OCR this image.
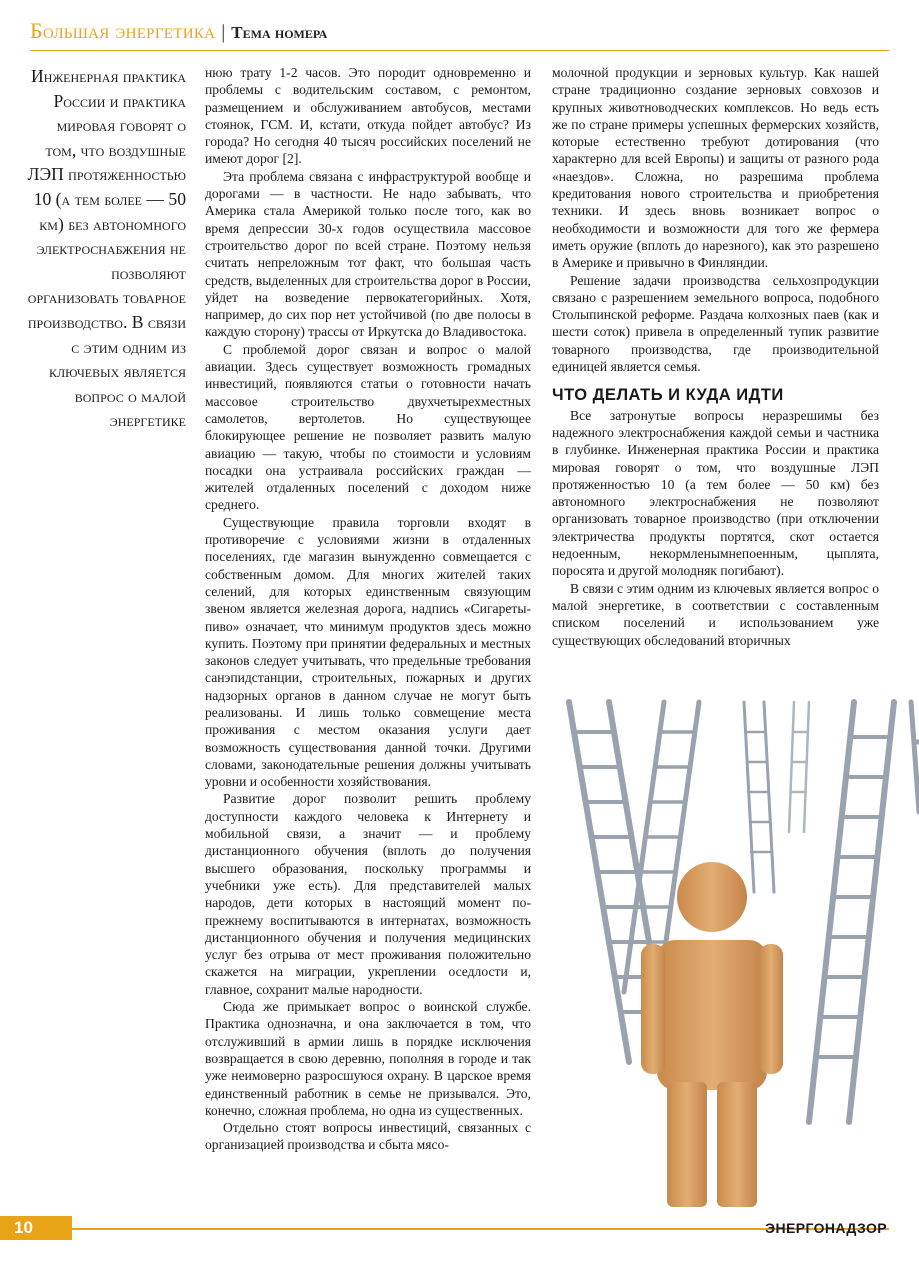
Большая энергетика | Тема номера
Инженерная практика России и практика мировая говорят о том, что воздушные ЛЭП протяженностью 10 (а тем более — 50 км) без автономного электроснабжения не позволяют организовать товарное производство. В связи с этим одним из ключевых является вопрос о малой энергетике

нюю трату 1-2 часов. Это породит одновременно и проблемы с водительским составом, с ремонтом, размещением и обслуживанием автобусов, местами стоянок, ГСМ. И, кстати, откуда пойдет автобус? Из города? Но сегодня 40 тысяч российских поселений не имеют дорог [2].

Эта проблема связана с инфраструктурой вообще и дорогами — в частности. Не надо забывать, что Америка стала Америкой только после того, как во время депрессии 30-х годов осуществила массовое строительство дорог по всей стране. Поэтому нельзя считать непреложным тот факт, что большая часть средств, выделенных для строительства дорог в России, уйдет на возведение первокатегорийных. Хотя, например, до сих пор нет устойчивой (по две полосы в каждую сторону) трассы от Иркутска до Владивостока.

С проблемой дорог связан и вопрос о малой авиации. Здесь существует возможность громадных инвестиций, появляются статьи о готовности начать массовое строительство двухчетырехместных самолетов, вертолетов. Но существующее блокирующее решение не позволяет развить малую авиацию — такую, чтобы по стоимости и условиям посадки она устраивала российских граждан — жителей отдаленных поселений с доходом ниже среднего.

Существующие правила торговли входят в противоречие с условиями жизни в отдаленных поселениях, где магазин вынужденно совмещается с собственным домом. Для многих жителей таких селений, для которых единственным связующим звеном является железная дорога, надпись «Сигареты-пиво» означает, что минимум продуктов здесь можно купить. Поэтому при принятии федеральных и местных законов следует учитывать, что предельные требования санэпидстанции, строительных, пожарных и других надзорных органов в данном случае не могут быть реализованы. И лишь только совмещение места проживания с местом оказания услуги дает возможность существования данной точки. Другими словами, законодательные решения должны учитывать уровни и особенности хозяйствования.

Развитие дорог позволит решить проблему доступности каждого человека к Интернету и мобильной связи, а значит — и проблему дистанционного обучения (вплоть до получения высшего образования, поскольку программы и учебники уже есть). Для представителей малых народов, дети которых в настоящий момент по-прежнему воспитываются в интернатах, возможность дистанционного обучения и получения медицинских услуг без отрыва от мест проживания положительно скажется на миграции, укреплении оседлости и, главное, сохранит малые народности.

Сюда же примыкает вопрос о воинской службе. Практика однозначна, и она заключается в том, что отслуживший в армии лишь в порядке исключения возвращается в свою деревню, пополняя в городе и так уже неимоверно разросшуюся охрану. В царское время единственный работник в семье не призывался. Это, конечно, сложная проблема, но одна из существенных.

Отдельно стоят вопросы инвестиций, связанных с организацией производства и сбыта мясо-

молочной продукции и зерновых культур. Как нашей стране традиционно создание зерновых совхозов и крупных животноводческих комплексов. Но ведь есть же по стране примеры успешных фермерских хозяйств, которые естественно требуют дотирования (что характерно для всей Европы) и защиты от разного рода «наездов». Сложна, но разрешима проблема кредитования нового строительства и приобретения техники. И здесь вновь возникает вопрос о необходимости и возможности для того же фермера иметь оружие (вплоть до нарезного), как это разрешено в Америке и привычно в Финляндии.

Решение задачи производства сельхозпродукции связано с разрешением земельного вопроса, подобного Столыпинской реформе. Раздача колхозных паев (как и шести соток) привела в определенный тупик развитие товарного производства, где производительной единицей является семья.

ЧТО ДЕЛАТЬ И КУДА ИДТИ

Все затронутые вопросы неразрешимы без надежного электроснабжения каждой семьи и частника в глубинке. Инженерная практика России и практика мировая говорят о том, что воздушные ЛЭП протяженностью 10 (а тем более — 50 км) без автономного электроснабжения не позволяют организовать товарное производство (при отключении электричества продукты портятся, скот остается недоенным, некормленымнепоенным, цыплята, поросята и другой молодняк погибают).

В связи с этим одним из ключевых является вопрос о малой энергетике, в соответствии с составленным списком поселений и использованием уже существующих обследований вторичных

10	ЭНЕРГОНАДЗОР
